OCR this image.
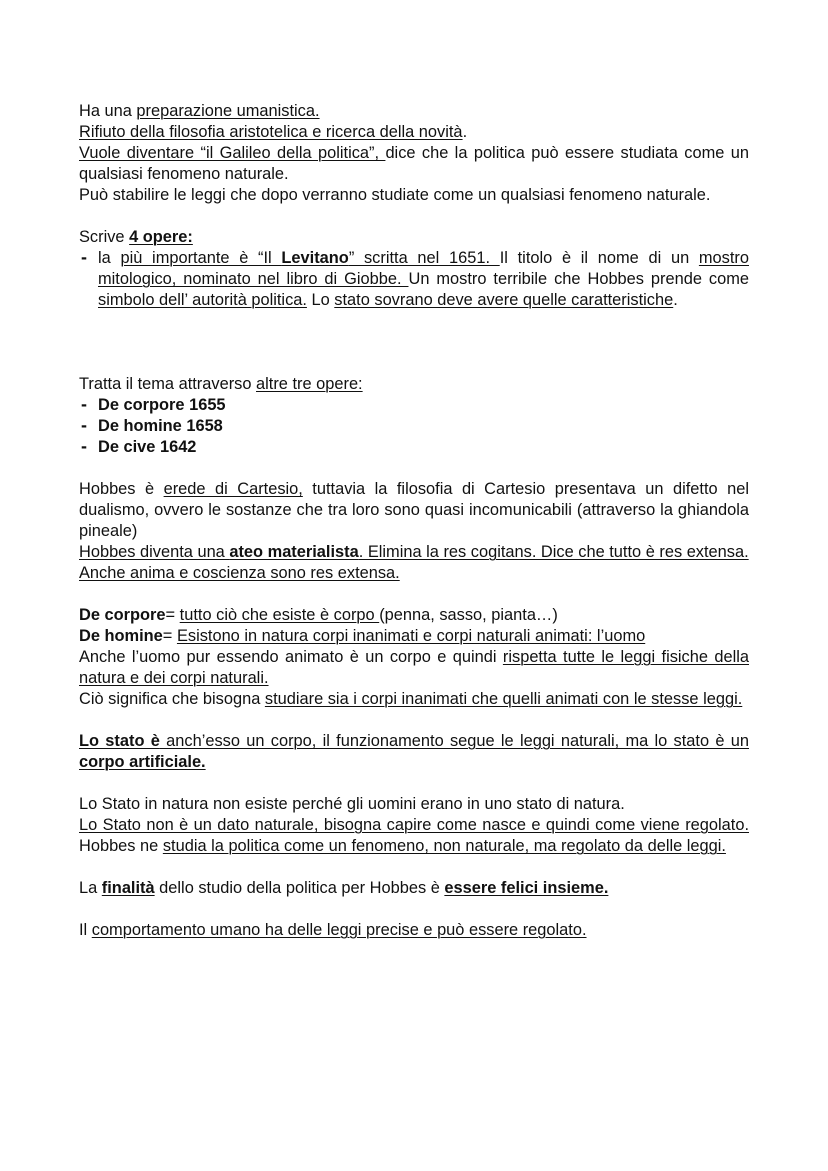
Ha una preparazione umanistica.

Rifiuto della filosofia aristotelica e ricerca della novità.

Vuole diventare “il Galileo della politica”, dice che la politica può essere studiata come un qualsiasi fenomeno naturale.

Può stabilire le leggi che dopo verranno studiate come un qualsiasi fenomeno naturale.

Scrive 4 opere:

- la più importante è “Il Levitano” scritta nel 1651. Il titolo è il nome di un mostro mitologico, nominato nel libro di Giobbe. Un mostro terribile che Hobbes prende come simbolo dell’ autorità politica. Lo stato sovrano deve avere quelle caratteristiche.

Tratta il tema attraverso altre tre opere:

- De corpore 1655
- De homine 1658
- De cive 1642

Hobbes è erede di Cartesio, tuttavia la filosofia di Cartesio presentava un difetto nel dualismo, ovvero le sostanze che tra loro sono quasi incomunicabili (attraverso la ghiandola pineale)

Hobbes diventa una ateo materialista. Elimina la res cogitans. Dice che tutto è res extensa.

Anche anima e coscienza sono res extensa.

De corpore= tutto ciò che esiste è corpo (penna, sasso, pianta…)

De homine= Esistono in natura corpi inanimati e corpi naturali animati: l’uomo

Anche l’uomo pur essendo animato è un corpo e quindi rispetta tutte le leggi fisiche della natura e dei corpi naturali.

Ciò significa che bisogna studiare sia i corpi inanimati che quelli animati con le stesse leggi.

Lo stato è anch’esso un corpo, il funzionamento segue le leggi naturali, ma lo stato è un corpo artificiale.

Lo Stato in natura non esiste perché gli uomini erano in uno stato di natura.

Lo Stato non è un dato naturale, bisogna capire come nasce e quindi come viene regolato. Hobbes ne studia la politica come un fenomeno, non naturale, ma regolato da delle leggi.

La finalità dello studio della politica per Hobbes è essere felici insieme.

Il comportamento umano ha delle leggi precise e può essere regolato.
